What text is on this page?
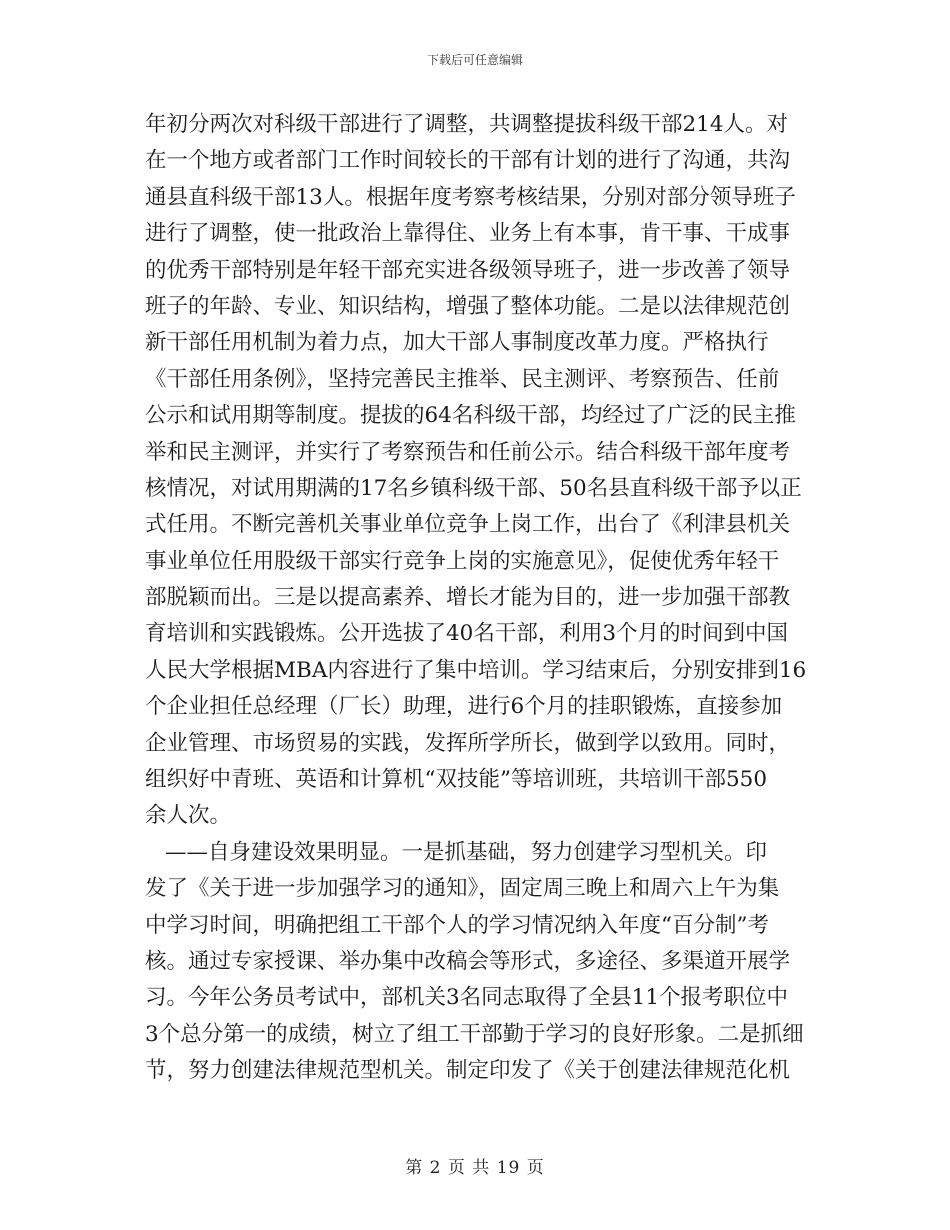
下载后可任意编辑
年初分两次对科级干部进行了调整，共调整提拔科级干部214人。对
在一个地方或者部门工作时间较长的干部有计划的进行了沟通，共沟
通县直科级干部13人。根据年度考察考核结果，分别对部分领导班子
进行了调整，使一批政治上靠得住、业务上有本事，肯干事、干成事
的优秀干部特别是年轻干部充实进各级领导班子，进一步改善了领导
班子的年龄、专业、知识结构，增强了整体功能。二是以法律规范创
新干部任用机制为着力点，加大干部人事制度改革力度。严格执行
《干部任用条例》，坚持完善民主推举、民主测评、考察预告、任前
公示和试用期等制度。提拔的64名科级干部，均经过了广泛的民主推
举和民主测评，并实行了考察预告和任前公示。结合科级干部年度考
核情况，对试用期满的17名乡镇科级干部、50名县直科级干部予以正
式任用。不断完善机关事业单位竞争上岗工作，出台了《利津县机关
事业单位任用股级干部实行竞争上岗的实施意见》，促使优秀年轻干
部脱颖而出。三是以提高素养、增长才能为目的，进一步加强干部教
育培训和实践锻炼。公开选拔了40名干部，利用3个月的时间到中国
人民大学根据MBA内容进行了集中培训。学习结束后，分别安排到16
个企业担任总经理（厂长）助理，进行6个月的挂职锻炼，直接参加
企业管理、市场贸易的实践，发挥所学所长，做到学以致用。同时，
组织好中青班、英语和计算机“双技能”等培训班，共培训干部550
余人次。
——自身建设效果明显。一是抓基础，努力创建学习型机关。印
发了《关于进一步加强学习的通知》，固定周三晚上和周六上午为集
中学习时间，明确把组工干部个人的学习情况纳入年度“百分制”考
核。通过专家授课、举办集中改稿会等形式，多途径、多渠道开展学
习。今年公务员考试中，部机关3名同志取得了全县11个报考职位中
3个总分第一的成绩，树立了组工干部勤于学习的良好形象。二是抓细
节，努力创建法律规范型机关。制定印发了《关于创建法律规范化机
第 2 页 共 19 页
